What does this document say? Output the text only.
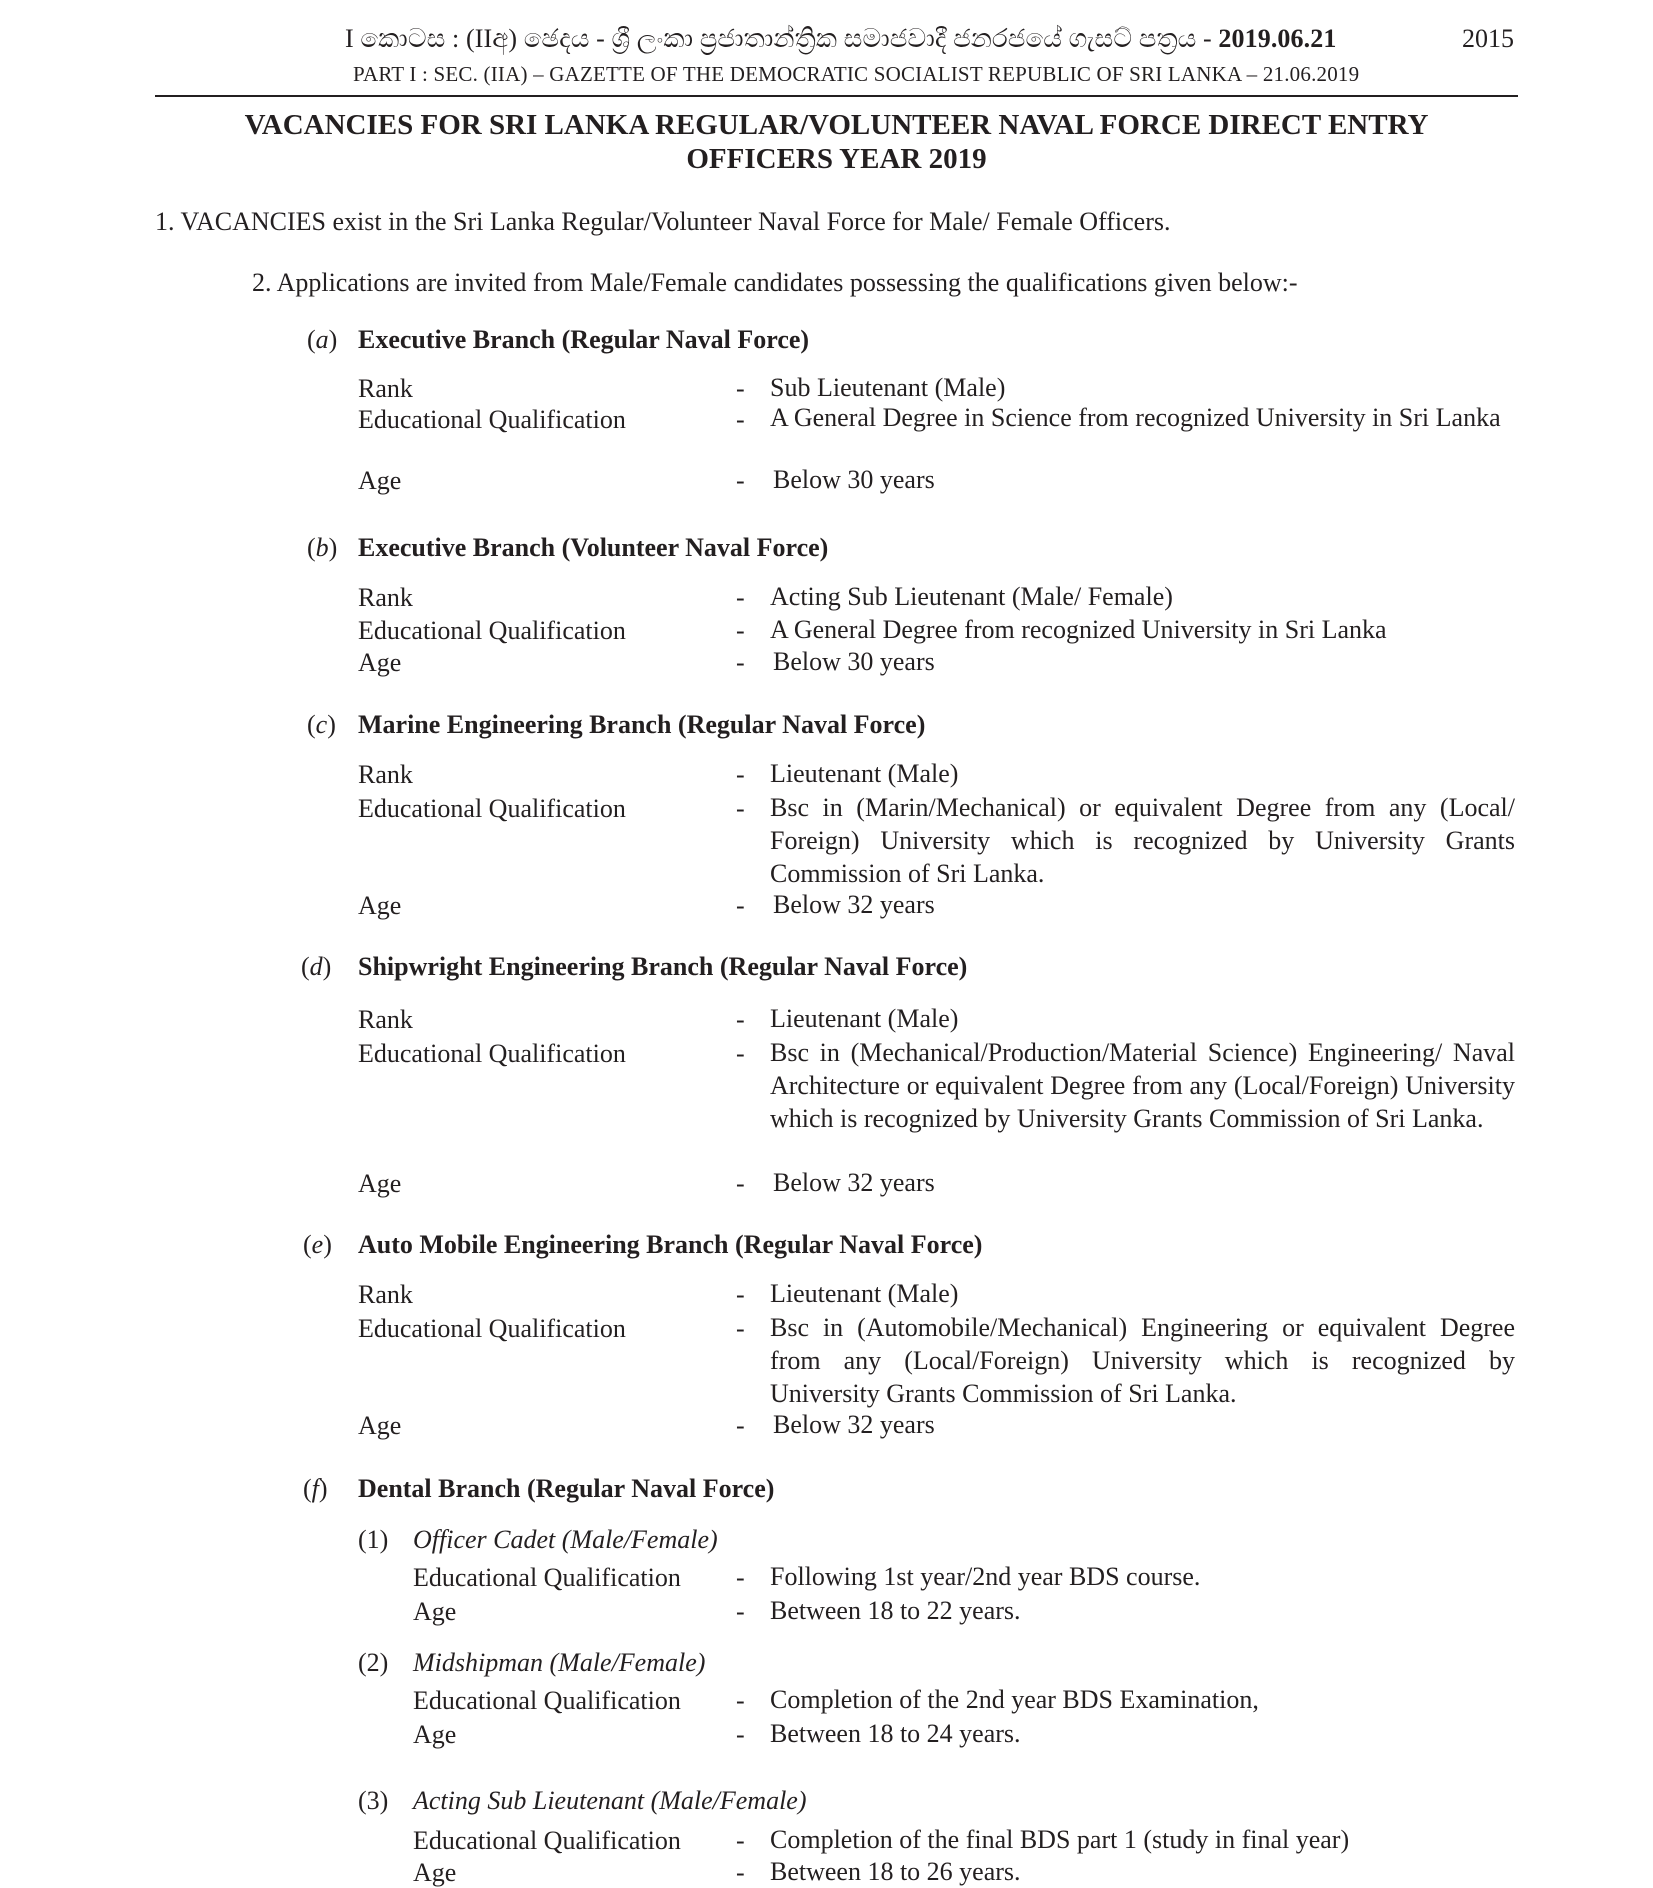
I කොටස : (IIඅ) ඡෙදය - ශ්‍රී ලංකා ප්‍රජාතාන්ත්‍රික සමාජවාදී ජනරජයේ ගැසට් පත්‍රය - 2019.06.21	2015
PART I : SEC. (IIA) – GAZETTE OF THE DEMOCRATIC SOCIALIST REPUBLIC OF SRI LANKA – 21.06.2019
VACANCIES FOR SRI LANKA REGULAR/VOLUNTEER NAVAL FORCE DIRECT ENTRY
OFFICERS YEAR 2019
1. VACANCIES exist in the Sri Lanka Regular/Volunteer Naval Force for Male/ Female Officers.
2. Applications are invited from Male/Female candidates possessing the qualifications given below:-
(a) Executive Branch (Regular Naval Force)
Rank	- Sub Lieutenant (Male)
Educational Qualification	- A General Degree in Science from recognized University in Sri Lanka
Age	- Below 30 years
(b) Executive Branch (Volunteer Naval Force)
Rank	- Acting Sub Lieutenant (Male/ Female)
Educational Qualification	- A General Degree from recognized University in Sri Lanka
Age	- Below 30 years
(c) Marine Engineering Branch (Regular Naval Force)
Rank	- Lieutenant (Male)
Educational Qualification	- Bsc in (Marin/Mechanical) or equivalent Degree from any (Local/ Foreign) University which is recognized by University Grants Commission of Sri Lanka.
Age	- Below 32 years
(d) Shipwright Engineering Branch (Regular Naval Force)
Rank	- Lieutenant (Male)
Educational Qualification	- Bsc in (Mechanical/Production/Material Science) Engineering/ Naval Architecture or equivalent Degree from any (Local/Foreign) University which is recognized by University Grants Commission of Sri Lanka.
Age	- Below 32 years
(e) Auto Mobile Engineering Branch (Regular Naval Force)
Rank	- Lieutenant (Male)
Educational Qualification	- Bsc in (Automobile/Mechanical) Engineering or equivalent Degree from any (Local/Foreign) University which is recognized by University Grants Commission of Sri Lanka.
Age	- Below 32 years
(f) Dental Branch (Regular Naval Force)
(1) Officer Cadet (Male/Female)
Educational Qualification - Following 1st year/2nd year BDS course.
Age	- Between 18 to 22 years.
(2) Midshipman (Male/Female)
Educational Qualification - Completion of the 2nd year BDS Examination,
Age	- Between 18 to 24 years.
(3) Acting Sub Lieutenant (Male/Female)
Educational Qualification - Completion of the final BDS part 1 (study in final year)
Age	- Between 18 to 26 years.
